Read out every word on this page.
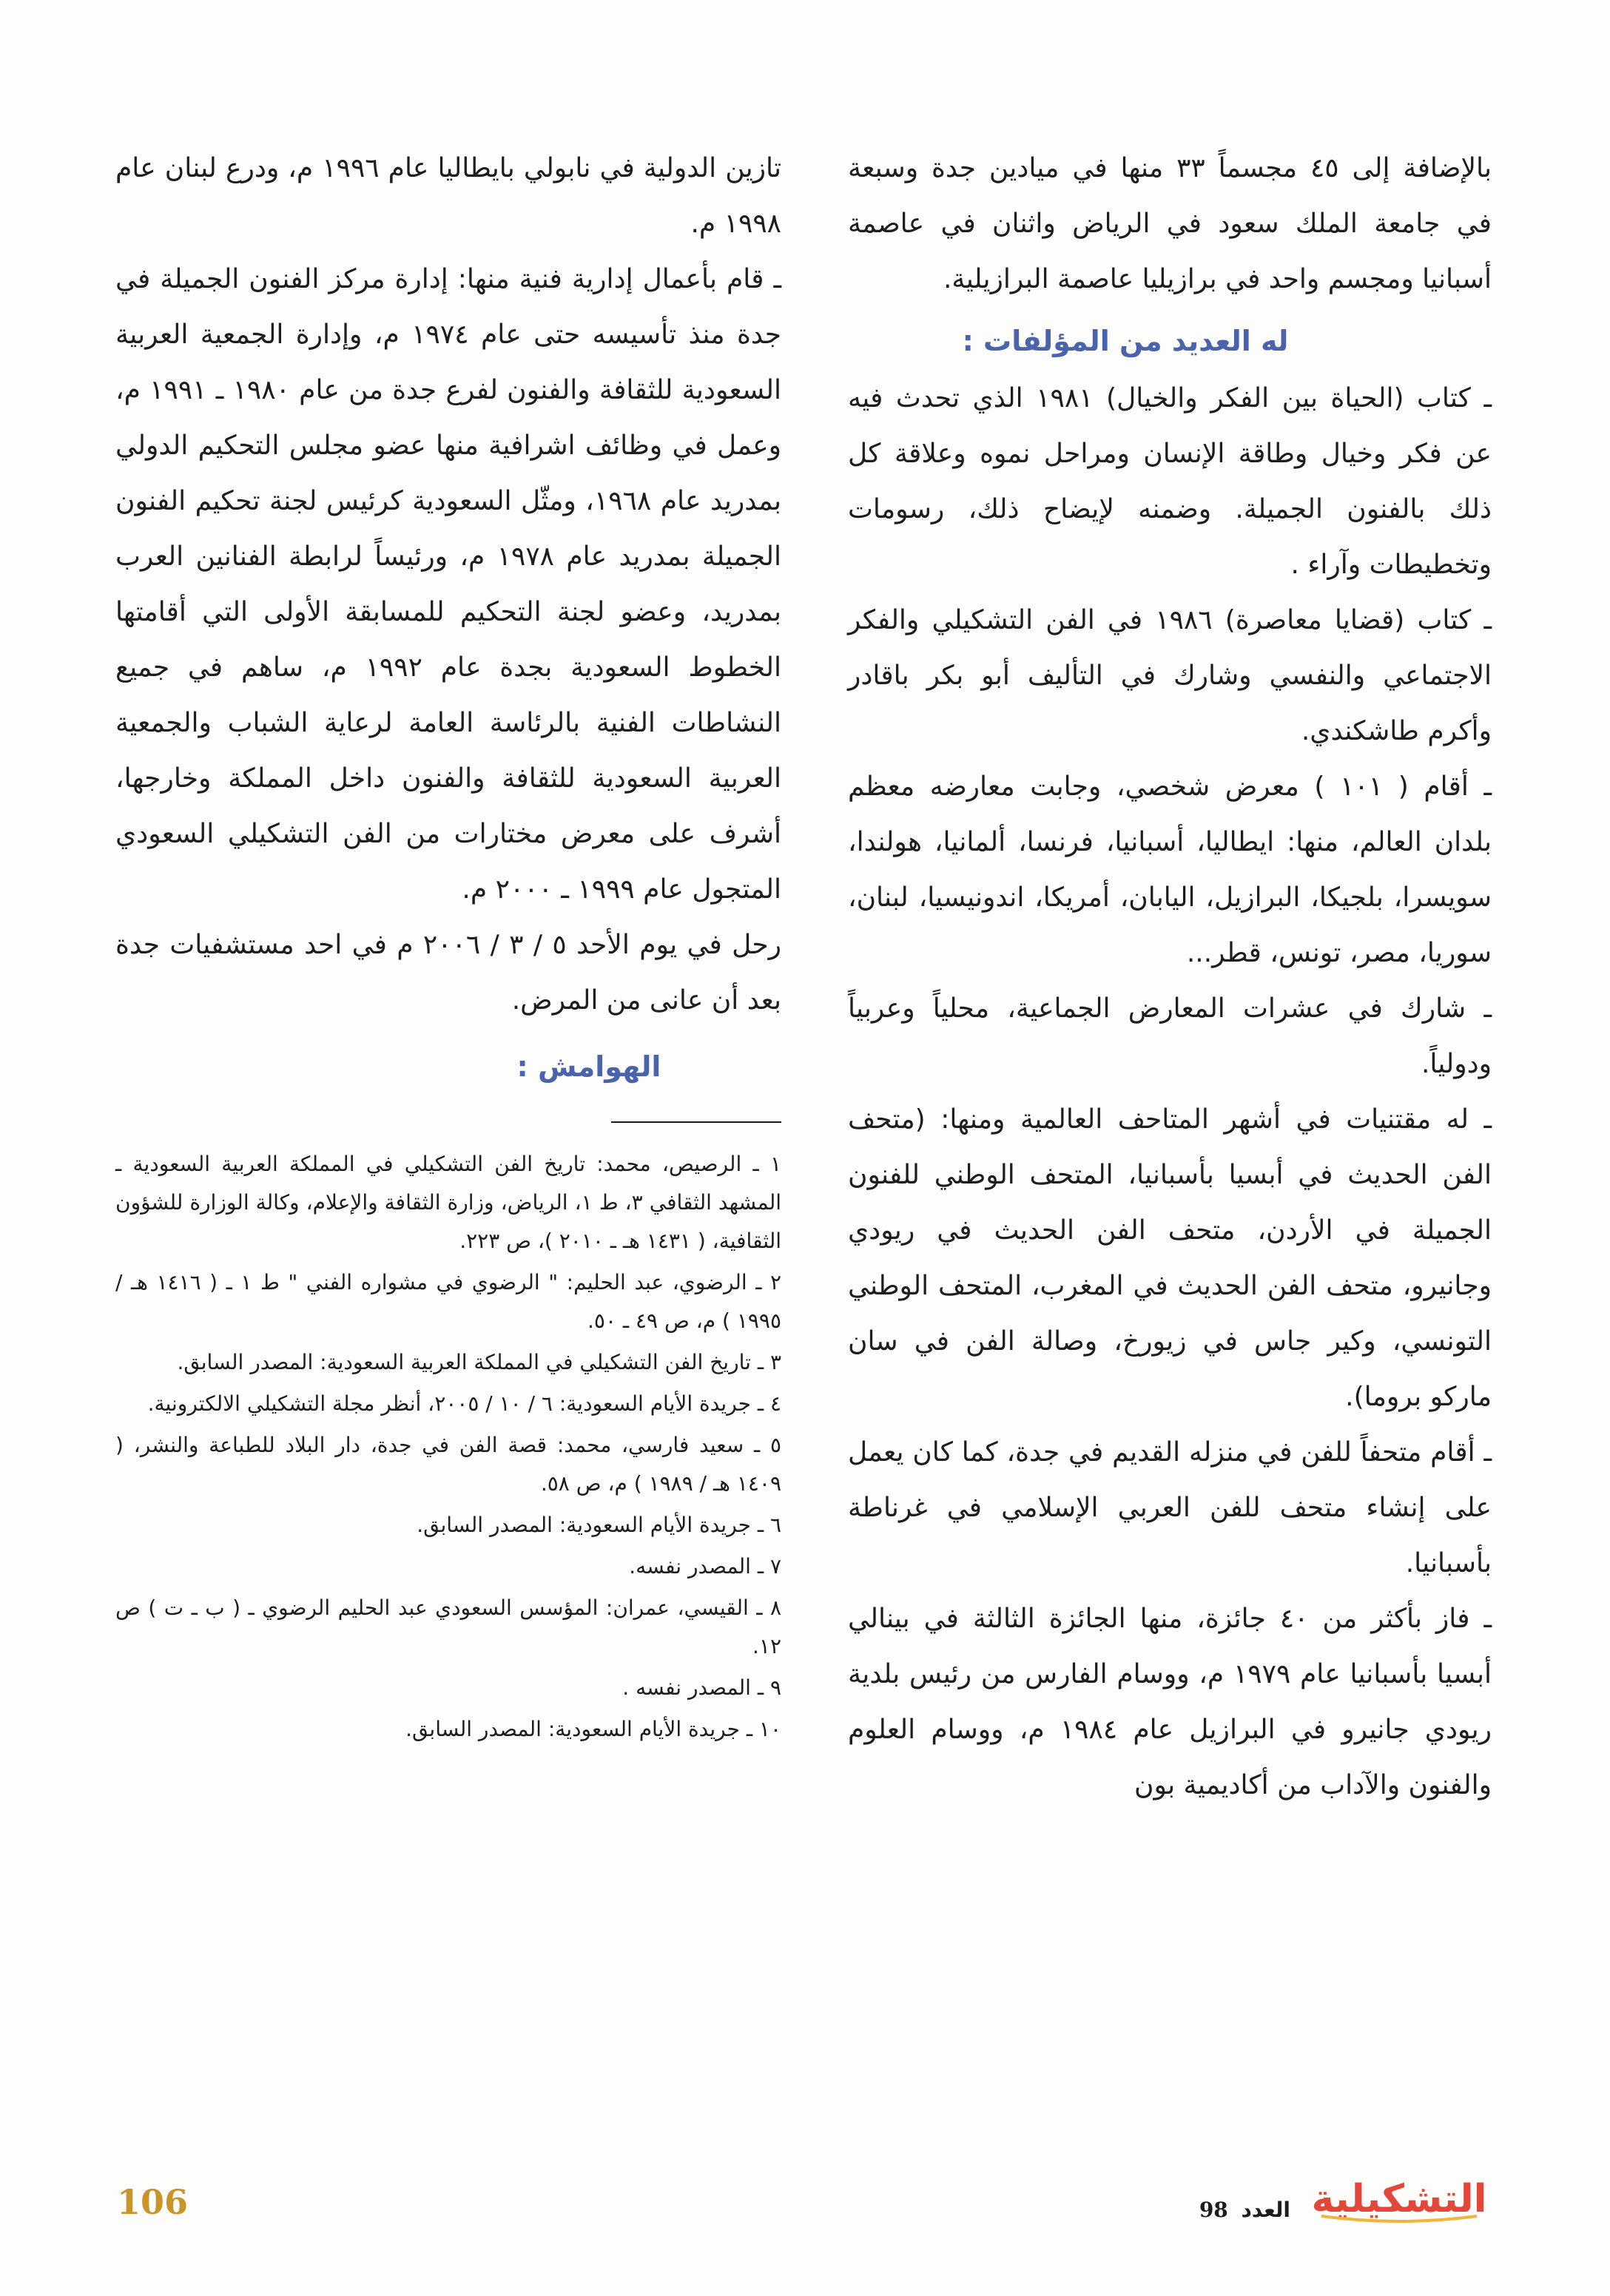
بالإضافة إلى ٤٥ مجسماً ٣٣ منها في ميادين جدة وسبعة في جامعة الملك سعود في الرياض واثنان في عاصمة أسبانيا ومجسم واحد في برازيليا عاصمة البرازيلية.

له العديد من المؤلفات :

ـ كتاب (الحياة بين الفكر والخيال) ١٩٨١ الذي تحدث فيه عن فكر وخيال وطاقة الإنسان ومراحل نموه وعلاقة كل ذلك بالفنون الجميلة. وضمنه لإيضاح ذلك، رسومات وتخطيطات وآراء .

ـ كتاب (قضايا معاصرة) ١٩٨٦ في الفن التشكيلي والفكر الاجتماعي والنفسي وشارك في التأليف أبو بكر باقادر وأكرم طاشكندي.

ـ أقام ( ١٠١ ) معرض شخصي، وجابت معارضه معظم بلدان العالم، منها: ايطاليا، أسبانيا، فرنسا، ألمانيا، هولندا، سويسرا، بلجيكا، البرازيل، اليابان، أمريكا، اندونيسيا، لبنان، سوريا، مصر، تونس، قطر...

ـ شارك في عشرات المعارض الجماعية، محلياً وعربياً ودولياً.

ـ له مقتنيات في أشهر المتاحف العالمية ومنها: (متحف الفن الحديث في أبسيا بأسبانيا، المتحف الوطني للفنون الجميلة في الأردن، متحف الفن الحديث في ريودي وجانيرو، متحف الفن الحديث في المغرب، المتحف الوطني التونسي، وكير جاس في زيورخ، وصالة الفن في سان ماركو بروما).

ـ أقام متحفاً للفن في منزله القديم في جدة، كما كان يعمل على إنشاء متحف للفن العربي الإسلامي في غرناطة بأسبانيا.

ـ فاز بأكثر من ٤٠ جائزة، منها الجائزة الثالثة في بينالي أبسيا بأسبانيا عام ١٩٧٩ م، ووسام الفارس من رئيس بلدية ريودي جانيرو في البرازيل عام ١٩٨٤ م، ووسام العلوم والفنون والآداب من أكاديمية بون

تازين الدولية في نابولي بايطاليا عام ١٩٩٦ م، ودرع لبنان عام ١٩٩٨ م.

ـ قام بأعمال إدارية فنية منها: إدارة مركز الفنون الجميلة في جدة منذ تأسيسه حتى عام ١٩٧٤ م، وإدارة الجمعية العربية السعودية للثقافة والفنون لفرع جدة من عام ١٩٨٠ ـ ١٩٩١ م، وعمل في وظائف اشرافية منها عضو مجلس التحكيم الدولي بمدريد عام ١٩٦٨، ومثّل السعودية كرئيس لجنة تحكيم الفنون الجميلة بمدريد عام ١٩٧٨ م، ورئيساً لرابطة الفنانين العرب بمدريد، وعضو لجنة التحكيم للمسابقة الأولى التي أقامتها الخطوط السعودية بجدة عام ١٩٩٢ م، ساهم في جميع النشاطات الفنية بالرئاسة العامة لرعاية الشباب والجمعية العربية السعودية للثقافة والفنون داخل المملكة وخارجها، أشرف على معرض مختارات من الفن التشكيلي السعودي المتجول عام ١٩٩٩ ـ ٢٠٠٠ م.

رحل في يوم الأحد ٥ / ٣ / ٢٠٠٦ م في احد مستشفيات جدة بعد أن عانى من المرض.

الهوامش :
١ ـ الرصيص، محمد: تاريخ الفن التشكيلي في المملكة العربية السعودية ـ المشهد الثقافي ٣، ط ١، الرياض، وزارة الثقافة والإعلام، وكالة الوزارة للشؤون الثقافية، ( ١٤٣١ هـ ـ ٢٠١٠ )، ص ٢٢٣.
٢ ـ الرضوي، عبد الحليم: " الرضوي في مشواره الفني " ط ١ ـ ( ١٤١٦ هـ / ١٩٩٥ ) م، ص ٤٩ ـ ٥٠.
٣ ـ تاريخ الفن التشكيلي في المملكة العربية السعودية: المصدر السابق.
٤ ـ جريدة الأيام السعودية: ٦ / ١٠ / ٢٠٠٥، أنظر مجلة التشكيلي الالكترونية.
٥ ـ سعيد فارسي، محمد: قصة الفن في جدة، دار البلاد للطباعة والنشر، ( ١٤٠٩ هـ / ١٩٨٩ ) م، ص ٥٨.
٦ ـ جريدة الأيام السعودية: المصدر السابق.
٧ ـ المصدر نفسه.
٨ ـ القيسي، عمران: المؤسس السعودي عبد الحليم الرضوي ـ ( ب ـ ت ) ص ١٢.
٩ ـ المصدر نفسه .
١٠ ـ جريدة الأيام السعودية: المصدر السابق.
106	التشكيلية
العدد 98
